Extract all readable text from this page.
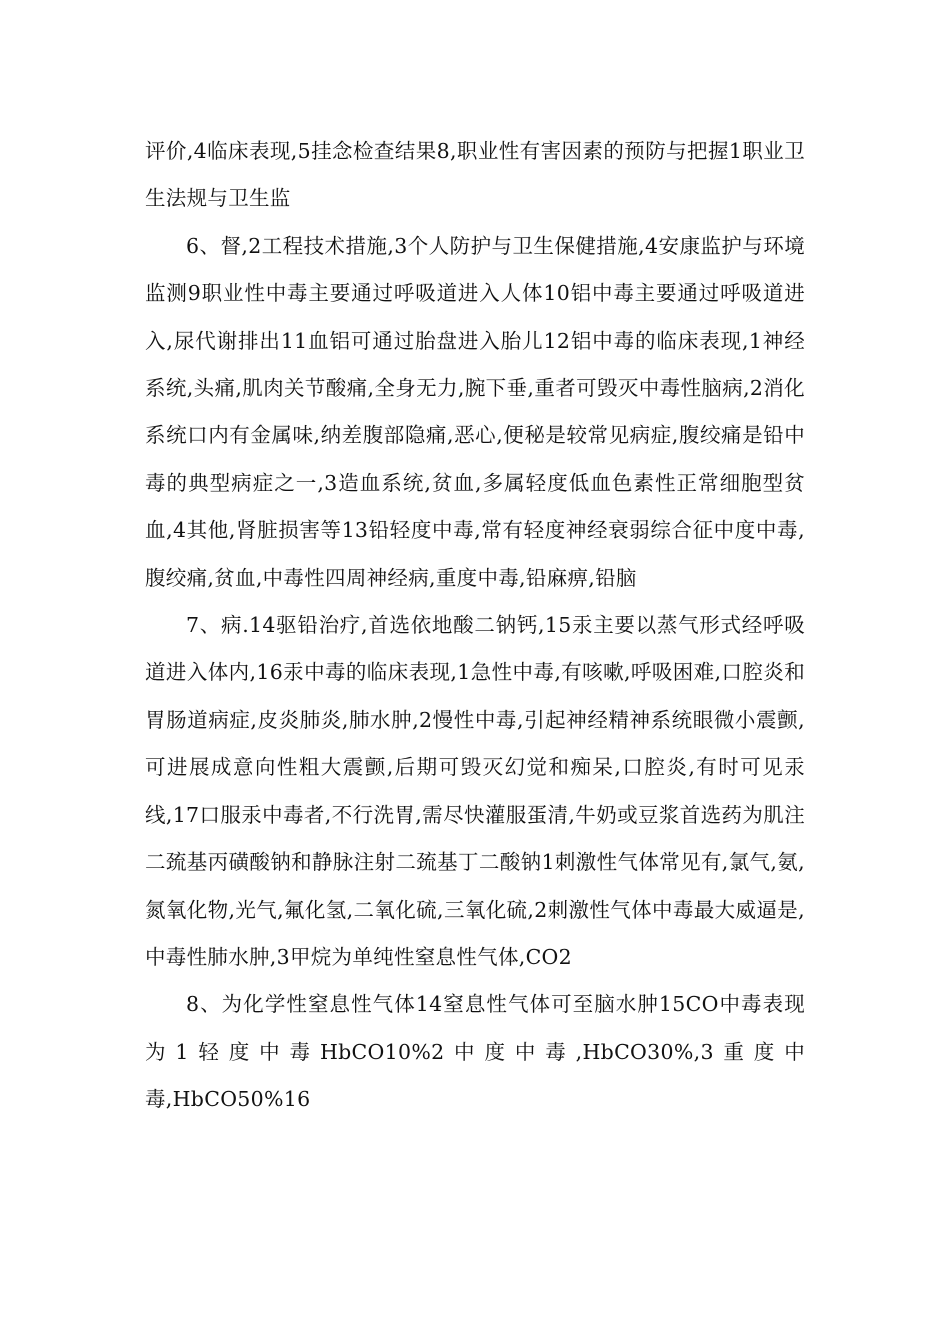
评价,4临床表现,5挂念检查结果8,职业性有害因素的预防与把握1职业卫生法规与卫生监

6、督,2工程技术措施,3个人防护与卫生保健措施,4安康监护与环境监测9职业性中毒主要通过呼吸道进入人体10铝中毒主要通过呼吸道进入,尿代谢排出11血铝可通过胎盘进入胎儿12铝中毒的临床表现,1神经系统,头痛,肌肉关节酸痛,全身无力,腕下垂,重者可毁灭中毒性脑病,2消化系统口内有金属味,纳差腹部隐痛,恶心,便秘是较常见病症,腹绞痛是铅中毒的典型病症之一,3造血系统,贫血,多属轻度低血色素性正常细胞型贫血,4其他,肾脏损害等13铅轻度中毒,常有轻度神经衰弱综合征中度中毒,腹绞痛,贫血,中毒性四周神经病,重度中毒,铅麻痹,铅脑

7、病.14驱铅治疗,首选依地酸二钠钙,15汞主要以蒸气形式经呼吸道进入体内,16汞中毒的临床表现,1急性中毒,有咳嗽,呼吸困难,口腔炎和胃肠道病症,皮炎肺炎,肺水肿,2慢性中毒,引起神经精神系统眼微小震颤,可进展成意向性粗大震颤,后期可毁灭幻觉和痴呆,口腔炎,有时可见汞线,17口服汞中毒者,不行洗胃,需尽快灌服蛋清,牛奶或豆浆首选药为肌注二巯基丙磺酸钠和静脉注射二巯基丁二酸钠1刺激性气体常见有,氯气,氨,氮氧化物,光气,氟化氢,二氧化硫,三氧化硫,2刺激性气体中毒最大威逼是,中毒性肺水肿,3甲烷为单纯性窒息性气体,CO2

8、为化学性窒息性气体14窒息性气体可至脑水肿15CO中毒表现为1轻度中毒HbCO10%2中度中毒,HbCO30%,3重度中毒,HbCO50%16
